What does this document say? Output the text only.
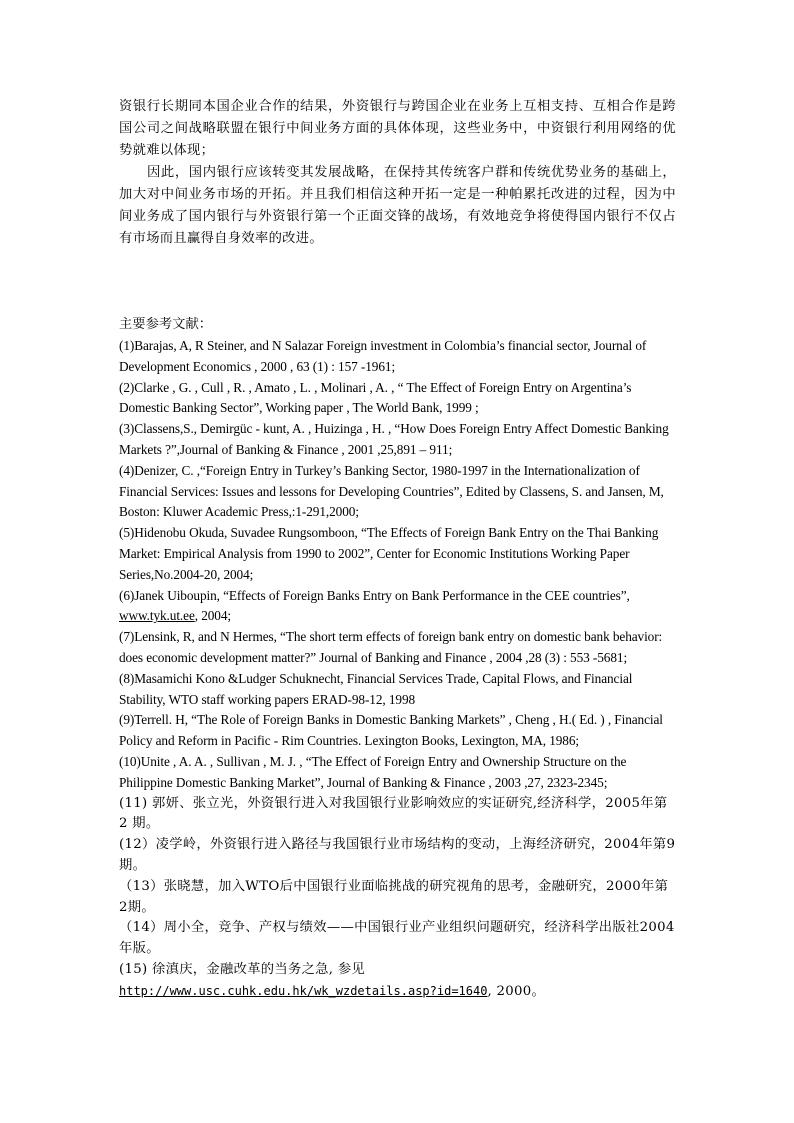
资银行长期同本国企业合作的结果，外资银行与跨国企业在业务上互相支持、互相合作是跨国公司之间战略联盟在银行中间业务方面的具体体现，这些业务中，中资银行利用网络的优势就难以体现；

因此，国内银行应该转变其发展战略，在保持其传统客户群和传统优势业务的基础上，加大对中间业务市场的开拓。并且我们相信这种开拓一定是一种帕累托改进的过程，因为中间业务成了国内银行与外资银行第一个正面交锋的战场，有效地竞争将使得国内银行不仅占有市场而且赢得自身效率的改进。

主要参考文献：

(1)Barajas, A, R Steiner, and N Salazar Foreign investment in Colombia’s financial sector, Journal of Development Economics , 2000 , 63 (1) : 157 -1961;

(2)Clarke , G. , Cull , R. , Amato , L. , Molinari , A. , “ The Effect of Foreign Entry on Argentina’s Domestic Banking Sector”, Working paper , The World Bank, 1999 ;

(3)Classens,S., Demirgüc - kunt, A. , Huizinga , H. , “How Does Foreign Entry Affect Domestic Banking Markets ?”,Journal of Banking & Finance , 2001 ,25,891 – 911;

(4)Denizer, C. ,“Foreign Entry in Turkey’s Banking Sector, 1980-1997 in the Internationalization of Financial Services: Issues and lessons for Developing Countries”, Edited by Classens, S. and Jansen, M, Boston: Kluwer Academic Press,:1-291,2000;

(5)Hidenobu Okuda, Suvadee Rungsomboon, “The Effects of Foreign Bank Entry on the Thai Banking Market: Empirical Analysis from 1990 to 2002”, Center for Economic Institutions Working Paper Series,No.2004-20, 2004;

(6)Janek Uiboupin, “Effects of Foreign Banks Entry on Bank Performance in the CEE countries”, www.tyk.ut.ee, 2004;

(7)Lensink, R, and N Hermes, “The short term effects of foreign bank entry on domestic bank behavior: does economic development matter?” Journal of Banking and Finance , 2004 ,28 (3) : 553 -5681;

(8)Masamichi Kono &Ludger Schuknecht, Financial Services Trade, Capital Flows, and Financial Stability, WTO staff working papers ERAD-98-12, 1998

(9)Terrell. H, “The Role of Foreign Banks in Domestic Banking Markets” , Cheng , H.( Ed. ) , Financial Policy and Reform in Pacific - Rim Countries. Lexington Books, Lexington, MA, 1986;

(10)Unite , A. A. , Sullivan , M. J. , “The Effect of Foreign Entry and Ownership Structure on the Philippine Domestic Banking Market”, Journal of Banking & Finance , 2003 ,27, 2323-2345;

(11) 郭妍、张立光，外资银行进入对我国银行业影响效应的实证研究,经济科学，2005年第2 期。

(12）凌学岭，外资银行进入路径与我国银行业市场结构的变动，上海经济研究，2004年第9期。

（13）张晓慧，加入WTO后中国银行业面临挑战的研究视角的思考，金融研究，2000年第2期。

（14）周小全，竞争、产权与绩效——中国银行业产业组织问题研究，经济科学出版社2004年版。

(15) 徐滇庆，金融改革的当务之急, 参见
http://www.usc.cuhk.edu.hk/wk_wzdetails.asp?id=1640, 2000。
